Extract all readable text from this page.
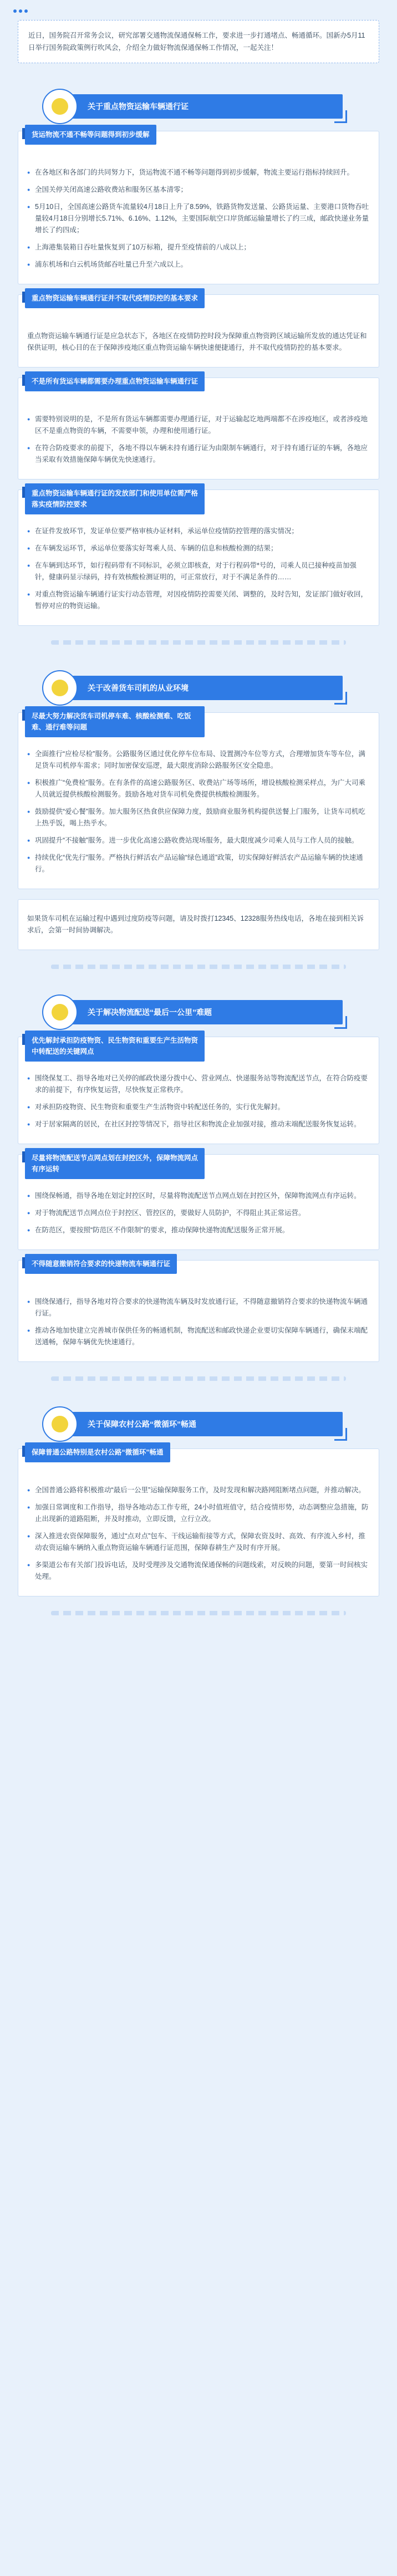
近日，国务院召开常务会议，研究部署交通物流保通保畅工作，要求进一步打通堵点、畅通循环。国新办5月11日举行国务院政策例行吹风会，介绍全力做好物流保通保畅工作情况，一起关注！
关于重点物资运输车辆通行证
货运物流不通不畅等问题得到初步缓解
● 在各地区和各部门的共同努力下，货运物流不通不畅等问题得到初步缓解，物流主要运行指标持续回升。
● 全国关停关闭高速公路收费站和服务区基本清零；
● 5月10日，全国高速公路货车流量较4月18日上升了8.59%，铁路货物发送量、公路货运量、主要港口货物吞吐量较4月18日分别增长5.71%、6.16%、1.12%，主要国际航空口岸货邮运输量增长了约三成，邮政快递业务量增长了约四成；
● 上海港集装箱日吞吐量恢复到了10万标箱，提升至疫情前的八成以上；
● 浦东机场和白云机场货邮吞吐量已升至六成以上。
重点物资运输车辆通行证并不取代疫情防控的基本要求
重点物资运输车辆通行证是应急状态下，各地区在疫情防控时段为保障重点物资跨区域运输所发放的通达凭证和保供证明，核心目的在于保障涉疫地区重点物资运输车辆快速便捷通行，并不取代疫情防控的基本要求。
不是所有货运车辆都需要办理重点物资运输车辆通行证
● 需要特别说明的是，不是所有货运车辆都需要办理通行证，对于运输起讫地两端都不在涉疫地区，或者涉疫地区不是重点物资的车辆，不需要申领，办理和使用通行证。
● 在符合防疫要求的前提下，各地不得以车辆未持有通行证为由限制车辆通行，对于持有通行证的车辆，各地应当采取有效措施保障车辆优先快速通行。
重点物资运输车辆通行证的发放部门和使用单位需严格落实疫情防控要求
● 在证件发放环节，发证单位要严格审核办证材料，承运单位疫情防控管理的落实情况；
● 在车辆发运环节，承运单位要落实好驾乘人员、车辆的信息和核酸检测的结果；
● 在车辆到达环节，如行程码带有不同标识，必须立即核查，对于行程码带*号的，司乘人员已接种疫苗加强针，健康码显示绿码，持有效核酸检测证明的，可正常放行，对于不满足条件的……
● 对重点物资运输车辆通行证实行动态管理，对因疫情防控需要关闭、调整的，及时告知，发证部门做好收回，暂停对应的物资运输。
关于改善货车司机的从业环境
尽最大努力解决货车司机停车难、核酸检测难、吃饭难、通行难等问题
● 全面推行“应检尽检”服务。公路服务区通过优化停车位布局、设置测冷车位等方式，合理增加货车等车位，满足货车司机停车需求；同时加密保安巡逻，最大限度消除公路服务区安全隐患。
● 积极推广“免费检”服务。在有条件的高速公路服务区、收费站广场等场所，增设核酸检测采样点，为广大司乘人员就近提供核酸检测服务。鼓励各地对货车司机免费提供核酸检测服务。
● 鼓励提供“爱心餐”服务。加大服务区热食供应保障力度，鼓励商业服务机构提供送餐上门服务，让货车司机吃上热乎饭，喝上热乎水。
● 巩固提升“不接触”服务。进一步优化高速公路收费站现场服务，最大限度减少司乘人员与工作人员的接触。
● 持续优化“优先行”服务。严格执行鲜活农产品运输“绿色通道”政策，切实保障好鲜活农产品运输车辆的快速通行。
如果货车司机在运输过程中遇到过度防疫等问题，请及时拨打12345、12328服务热线电话，各地在接到相关诉求后，会第一时间协调解决。
关于解决物流配送“最后一公里”难题
优先解封承担防疫物资、民生物资和重要生产生活物资中转配送的关键网点
● 围绕保复工、指导各地对已关停的邮政快递分拨中心、营业网点、快递服务站等物流配送节点，在符合防疫要求的前提下，有序恢复运营，尽快恢复正常秩序。
● 对承担防疫物资、民生物资和重要生产生活物资中转配送任务的，实行优先解封。
● 对于居家隔离的居民，在社区封控等情况下，指导社区和物流企业加强对接，推动末端配送服务恢复运转。
尽量将物流配送节点网点划在封控区外，保障物流网点有序运转
● 围绕保畅通，指导各地在划定封控区时，尽量将物流配送节点网点划在封控区外，保障物流网点有序运转。
● 对于物流配送节点网点位于封控区、管控区的，要做好人员防护，不得阻止其正常运营。
● 在防范区，要按照“防范区不作限制”的要求，推动保障快递物流配送服务正常开展。
不得随意撤销符合要求的快递物流车辆通行证
● 围绕保通行，指导各地对符合要求的快递物流车辆及时发放通行证，不得随意撤销符合要求的快递物流车辆通行证。
● 推动各地加快建立完善城市保供任务的畅通机制，物流配送和邮政快递企业要切实保障车辆通行，确保末端配送通畅，保障车辆优先快速通行。
关于保障农村公路“微循环”畅通
保障普通公路特别是农村公路“微循环”畅通
● 全国普通公路将积极推动“最后一公里”运输保障服务工作，及时发现和解决路网阻断堵点问题，并推动解决。
● 加强日常调度和工作指导，指导各地动态工作专班，24小时值班值守，结合疫情形势，动态调整应急措施，防止出现新的道路阻断，并及时推动，立即反馈，立行立改。
● 深入推进农资保障服务，通过“点对点”包车、干线运输衔接等方式，保障农资及时、高效、有序流入乡村，推动农资运输车辆纳入重点物资运输车辆通行证范围，保障春耕生产及时有序开展。
● 多渠道公布有关部门投诉电话，及时受理涉及交通物流保通保畅的问题线索，对反映的问题，要第一时间核实处理。
